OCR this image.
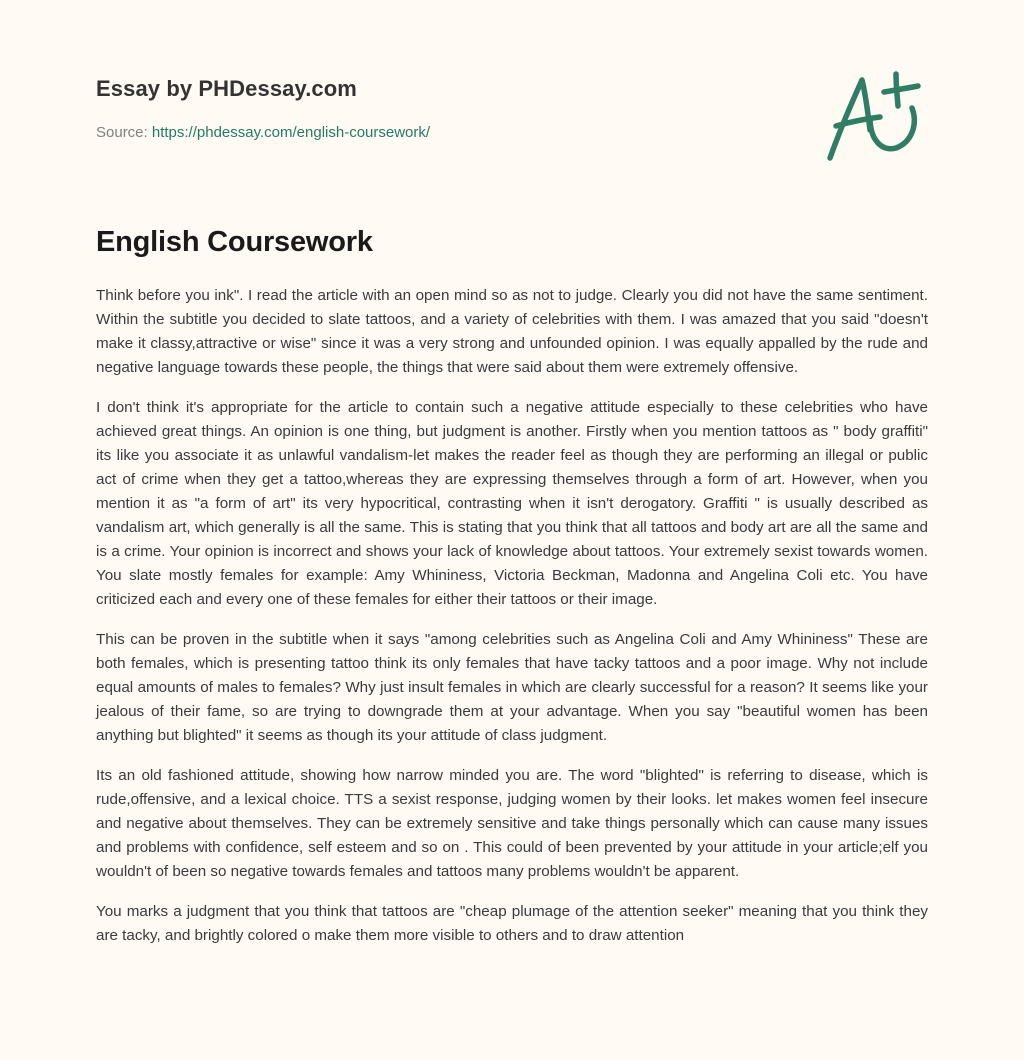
Essay by PHDessay.com
Source: https://phdessay.com/english-coursework/
English Coursework

Think before you ink". I read the article with an open mind so as not to judge. Clearly you did not have the same sentiment. Within the subtitle you decided to slate tattoos, and a variety of celebrities with them. I was amazed that you said "doesn't make it classy,attractive or wise" since it was a very strong and unfounded opinion. I was equally appalled by the rude and negative language towards these people, the things that were said about them were extremely offensive.

I don't think it's appropriate for the article to contain such a negative attitude especially to these celebrities who have achieved great things. An opinion is one thing, but judgment is another. Firstly when you mention tattoos as " body graffiti" its like you associate it as unlawful vandalism-let makes the reader feel as though they are performing an illegal or public act of crime when they get a tattoo,whereas they are expressing themselves through a form of art. However, when you mention it as "a form of art" its very hypocritical, contrasting when it isn't derogatory. Graffiti " is usually described as vandalism art, which generally is all the same. This is stating that you think that all tattoos and body art are all the same and is a crime. Your opinion is incorrect and shows your lack of knowledge about tattoos. Your extremely sexist towards women. You slate mostly females for example: Amy Whininess, Victoria Beckman, Madonna and Angelina Coli etc. You have criticized each and every one of these females for either their tattoos or their image.

This can be proven in the subtitle when it says "among celebrities such as Angelina Coli and Amy Whininess" These are both females, which is presenting tattoo think its only females that have tacky tattoos and a poor image. Why not include equal amounts of males to females? Why just insult females in which are clearly successful for a reason? It seems like your jealous of their fame, so are trying to downgrade them at your advantage. When you say "beautiful women has been anything but blighted" it seems as though its your attitude of class judgment.

Its an old fashioned attitude, showing how narrow minded you are. The word "blighted" is referring to disease, which is rude,offensive, and a lexical choice. TTS a sexist response, judging women by their looks. let makes women feel insecure and negative about themselves. They can be extremely sensitive and take things personally which can cause many issues and problems with confidence, self esteem and so on . This could of been prevented by your attitude in your article;elf you wouldn't of been so negative towards females and tattoos many problems wouldn't be apparent.

You marks a judgment that you think that tattoos are "cheap plumage of the attention seeker" meaning that you think they are tacky, and brightly colored o make them more visible to others and to draw attention
